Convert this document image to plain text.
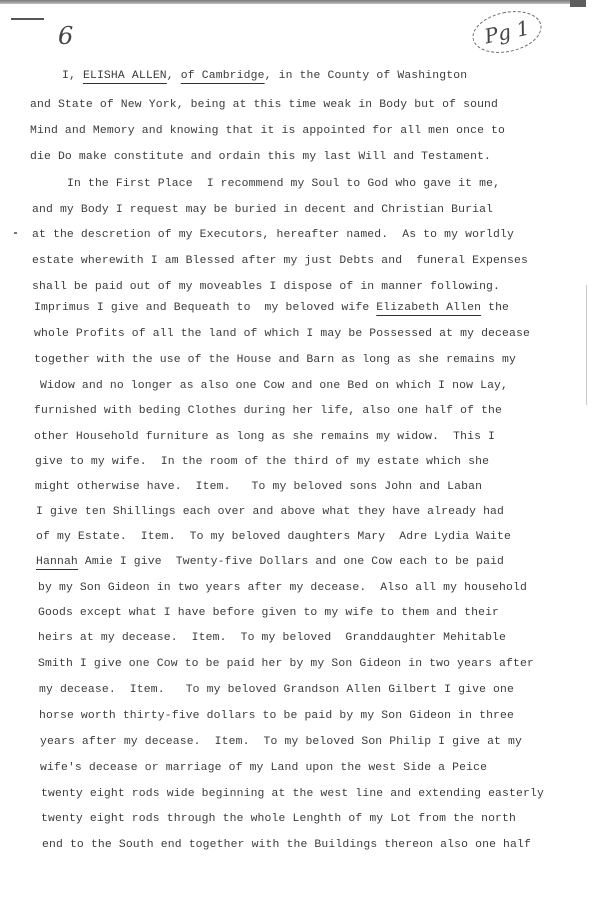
6	Pg 1
I, ELISHA ALLEN, of Cambridge, in the County of Washington
and State of New York, being at this time weak in Body but of sound
Mind and Memory and knowing that it is appointed for all men once to
die Do make constitute and ordain this my last Will and Testament.
In the First Place  I recommend my Soul to God who gave it me,
and my Body I request may be buried in decent and Christian Burial
at the descretion of my Executors, hereafter named.  As to my worldly
estate wherewith I am Blessed after my just Debts and  funeral Expenses
shall be paid out of my moveables I dispose of in manner following.
Imprimus I give and Bequeath to  my beloved wife Elizabeth Allen the
whole Profits of all the land of which I may be Possessed at my decease
together with the use of the House and Barn as long as she remains my
Widow and no longer as also one Cow and one Bed on which I now Lay,
furnished with beding Clothes during her life, also one half of the
other Household furniture as long as she remains my widow.  This I
give to my wife.  In the room of the third of my estate which she
might otherwise have.  Item.   To my beloved sons John and Laban
I give ten Shillings each over and above what they have already had
of my Estate.  Item.  To my beloved daughters Mary  Adre Lydia Waite
Hannah Amie I give  Twenty-five Dollars and one Cow each to be paid
by my Son Gideon in two years after my decease.  Also all my household
Goods except what I have before given to my wife to them and their
heirs at my decease.  Item.  To my beloved  Granddaughter Mehitable
Smith I give one Cow to be paid her by my Son Gideon in two years after
my decease.  Item.   To my beloved Grandson Allen Gilbert I give one
horse worth thirty-five dollars to be paid by my Son Gideon in three
years after my decease.  Item.  To my beloved Son Philip I give at my
wife's decease or marriage of my Land upon the west Side a Peice
twenty eight rods wide beginning at the west line and extending easterly
twenty eight rods through the whole Lenghth of my Lot from the north
end to the South end together with the Buildings thereon also one half
